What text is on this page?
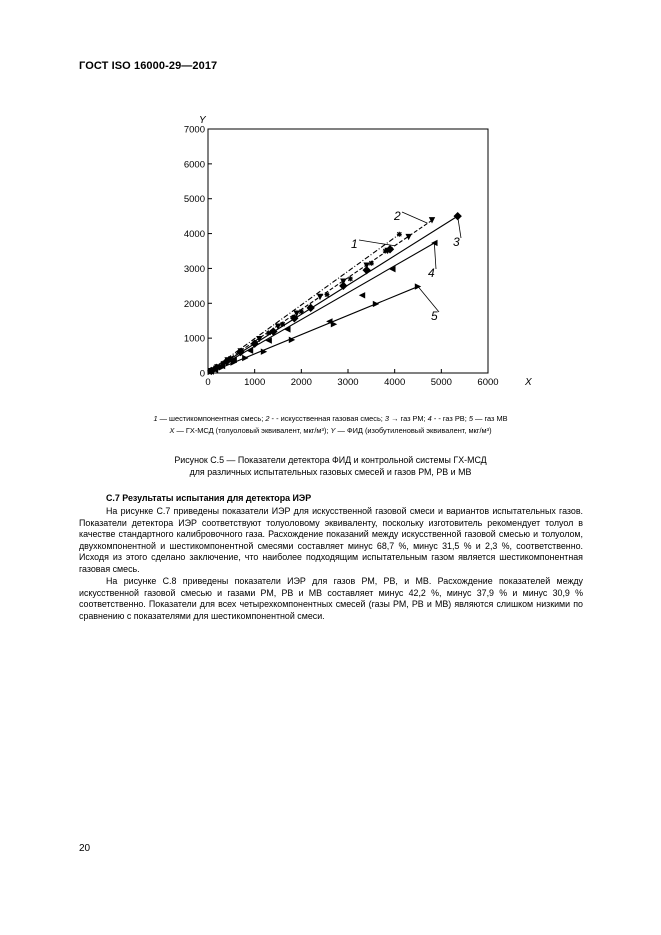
ГОСТ ISO 16000-29—2017
0	1000	2000	3000	4000	5000	6000
0
1000
2000
3000
4000
5000
6000
7000
X
Y
1
2
3
4
5
1 — шестикомпонентная смесь; 2 - - искусственная газовая смесь; 3 → газ РМ; 4 - - газ РВ; 5 — газ МВ
X — ГХ-МСД (толуоловый эквивалент, мкг/м³); Y — ФИД (изобутиленовый эквивалент, мкг/м³)
Рисунок С.5 — Показатели детектора ФИД и контрольной системы ГХ-МСД
для различных испытательных газовых смесей и газов РМ, РВ и МВ
С.7 Результаты испытания для детектора ИЭР

На рисунке С.7 приведены показатели ИЭР для искусственной газовой смеси и вариантов испытательных газов. Показатели детектора ИЭР соответствуют толуоловому эквиваленту, поскольку изготовитель рекомендует толуол в качестве стандартного калибровочного газа. Расхождение показаний между искусственной газовой смесью и толуолом, двухкомпонентной и шестикомпонентной смесями составляет минус 68,7 %, минус 31,5 % и 2,3 %, соответственно. Исходя из этого сделано заключение, что наиболее подходящим испытательным газом является шестикомпонентная газовая смесь.

На рисунке С.8 приведены показатели ИЭР для газов РМ, РВ, и МВ. Расхождение показателей между искусственной газовой смесью и газами РМ, РВ и МВ составляет минус 42,2 %, минус 37,9 % и минус 30,9 % соответственно. Показатели для всех четырехкомпонентных смесей (газы РМ, РВ и МВ) являются слишком низкими по сравнению с показателями для шестикомпонентной смеси.

20
